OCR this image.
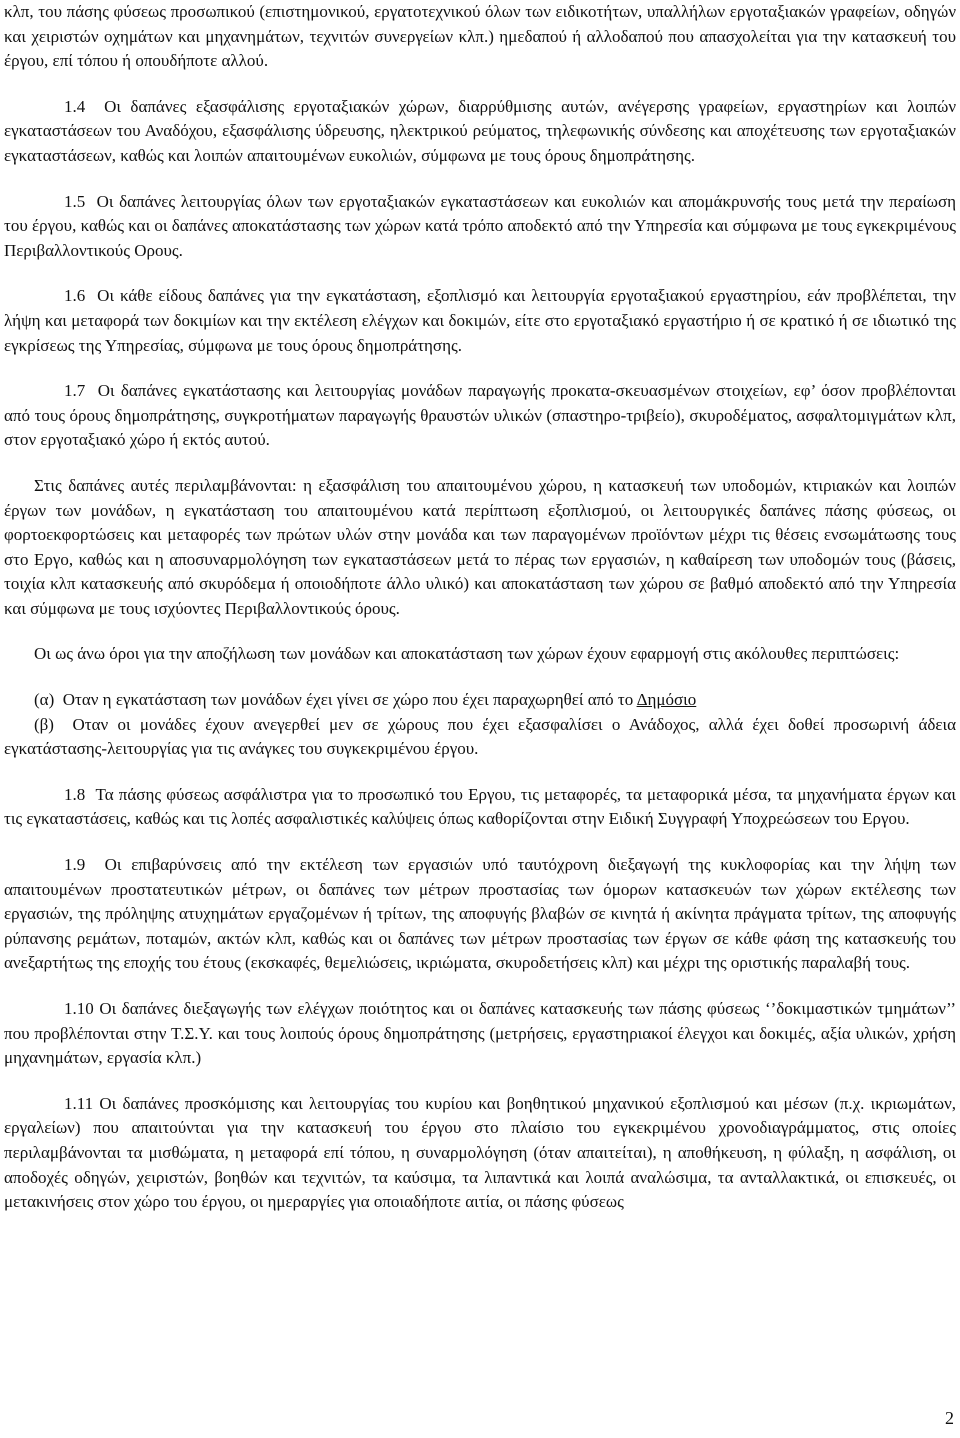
κλπ, του πάσης φύσεως προσωπικού (επιστημονικού, εργατοτεχνικού όλων των ειδικοτήτων, υπαλλήλων εργοταξιακών γραφείων, οδηγών και χειριστών οχημάτων και μηχανημάτων, τεχνιτών συνεργείων κλπ.) ημεδαπού ή αλλοδαπού που απασχολείται για την κατασκευή του έργου, επί τόπου ή οπουδήποτε αλλού.

1.4 Οι δαπάνες εξασφάλισης εργοταξιακών χώρων, διαρρύθμισης αυτών, ανέγερσης γραφείων, εργαστηρίων και λοιπών εγκαταστάσεων του Αναδόχου, εξασφάλισης ύδρευσης, ηλεκτρικού ρεύματος, τηλεφωνικής σύνδεσης και αποχέτευσης των εργοταξιακών εγκαταστάσεων, καθώς και λοιπών απαιτουμένων ευκολιών, σύμφωνα με τους όρους δημοπράτησης.

1.5 Οι δαπάνες λειτουργίας όλων των εργοταξιακών εγκαταστάσεων και ευκολιών και απομάκρυνσής τους μετά την περαίωση του έργου, καθώς και οι δαπάνες αποκατάστασης των χώρων κατά τρόπο αποδεκτό από την Υπηρεσία και σύμφωνα με τους εγκεκριμένους Περιβαλλοντικούς Ορους.

1.6 Οι κάθε είδους δαπάνες για την εγκατάσταση, εξοπλισμό και λειτουργία εργοταξιακού εργαστηρίου, εάν προβλέπεται, την λήψη και μεταφορά των δοκιμίων και την εκτέλεση ελέγχων και δοκιμών, είτε στο εργοταξιακό εργαστήριο ή σε κρατικό ή σε ιδιωτικό της εγκρίσεως της Υπηρεσίας, σύμφωνα με τους όρους δημοπράτησης.

1.7 Οι δαπάνες εγκατάστασης και λειτουργίας μονάδων παραγωγής προκατα-σκευασμένων στοιχείων, εφ’ όσον προβλέπονται από τους όρους δημοπράτησης, συγκροτήματων παραγωγής θραυστών υλικών (σπαστηρο-τριβείο), σκυροδέματος, ασφαλτομιγμάτων κλπ, στον εργοταξιακό χώρο ή εκτός αυτού.

Στις δαπάνες αυτές περιλαμβάνονται: η εξασφάλιση του απαιτουμένου χώρου, η κατασκευή των υποδομών, κτιριακών και λοιπών έργων των μονάδων, η εγκατάσταση του απαιτουμένου κατά περίπτωση εξοπλισμού, οι λειτουργικές δαπάνες πάσης φύσεως, οι φορτοεκφορτώσεις και μεταφορές των πρώτων υλών στην μονάδα και των παραγομένων προϊόντων μέχρι τις θέσεις ενσωμάτωσης τους στο Εργο, καθώς και η αποσυναρμολόγηση των εγκαταστάσεων μετά το πέρας των εργασιών, η καθαίρεση των υποδομών τους (βάσεις, τοιχία κλπ κατασκευής από σκυρόδεμα ή οποιοδήποτε άλλο υλικό) και αποκατάσταση των χώρου σε βαθμό αποδεκτό από την Υπηρεσία και σύμφωνα με τους ισχύοντες Περιβαλλοντικούς όρους.

Οι ως άνω όροι για την αποζήλωση των μονάδων και αποκατάσταση των χώρων έχουν εφαρμογή στις ακόλουθες περιπτώσεις:

(α) Οταν η εγκατάσταση των μονάδων έχει γίνει σε χώρο που έχει παραχωρηθεί από το Δημόσιο

(β) Οταν οι μονάδες έχουν ανεγερθεί μεν σε χώρους που έχει εξασφαλίσει ο Ανάδοχος, αλλά έχει δοθεί προσωρινή άδεια εγκατάστασης-λειτουργίας για τις ανάγκες του συγκεκριμένου έργου.

1.8 Τα πάσης φύσεως ασφάλιστρα για το προσωπικό του Εργου, τις μεταφορές, τα μεταφορικά μέσα, τα μηχανήματα έργων και τις εγκαταστάσεις, καθώς και τις λοπές ασφαλιστικές καλύψεις όπως καθορίζονται στην Ειδική Συγγραφή Υποχρεώσεων του Εργου.

1.9 Οι επιβαρύνσεις από την εκτέλεση των εργασιών υπό ταυτόχρονη διεξαγωγή της κυκλοφορίας και την λήψη των απαιτουμένων προστατευτικών μέτρων, οι δαπάνες των μέτρων προστασίας των όμορων κατασκευών των χώρων εκτέλεσης των εργασιών, της πρόληψης ατυχημάτων εργαζομένων ή τρίτων, της αποφυγής βλαβών σε κινητά ή ακίνητα πράγματα τρίτων, της αποφυγής ρύπανσης ρεμάτων, ποταμών, ακτών κλπ, καθώς και οι δαπάνες των μέτρων προστασίας των έργων σε κάθε φάση της κατασκευής του ανεξαρτήτως της εποχής του έτους (εκσκαφές, θεμελιώσεις, ικριώματα, σκυροδετήσεις κλπ) και μέχρι της οριστικής παραλαβή τους.

1.10 Οι δαπάνες διεξαγωγής των ελέγχων ποιότητος και οι δαπάνες κατασκευής των πάσης φύσεως ‘’δοκιμαστικών τμημάτων’’ που προβλέπονται στην Τ.Σ.Υ. και τους λοιπούς όρους δημοπράτησης (μετρήσεις, εργαστηριακοί έλεγχοι και δοκιμές, αξία υλικών, χρήση μηχανημάτων, εργασία κλπ.)

1.11 Οι δαπάνες προσκόμισης και λειτουργίας του κυρίου και βοηθητικού μηχανικού εξοπλισμού και μέσων (π.χ. ικριωμάτων, εργαλείων) που απαιτούνται για την κατασκευή του έργου στο πλαίσιο του εγκεκριμένου χρονοδιαγράμματος, στις οποίες περιλαμβάνονται τα μισθώματα, η μεταφορά επί τόπου, η συναρμολόγηση (όταν απαιτείται), η αποθήκευση, η φύλαξη, η ασφάλιση, οι αποδοχές οδηγών, χειριστών, βοηθών και τεχνιτών, τα καύσιμα, τα λιπαντικά και λοιπά αναλώσιμα, τα ανταλλακτικά, οι επισκευές, οι μετακινήσεις στον χώρο του έργου, οι ημεραργίες για οποιαδήποτε αιτία, οι πάσης φύσεως

2
